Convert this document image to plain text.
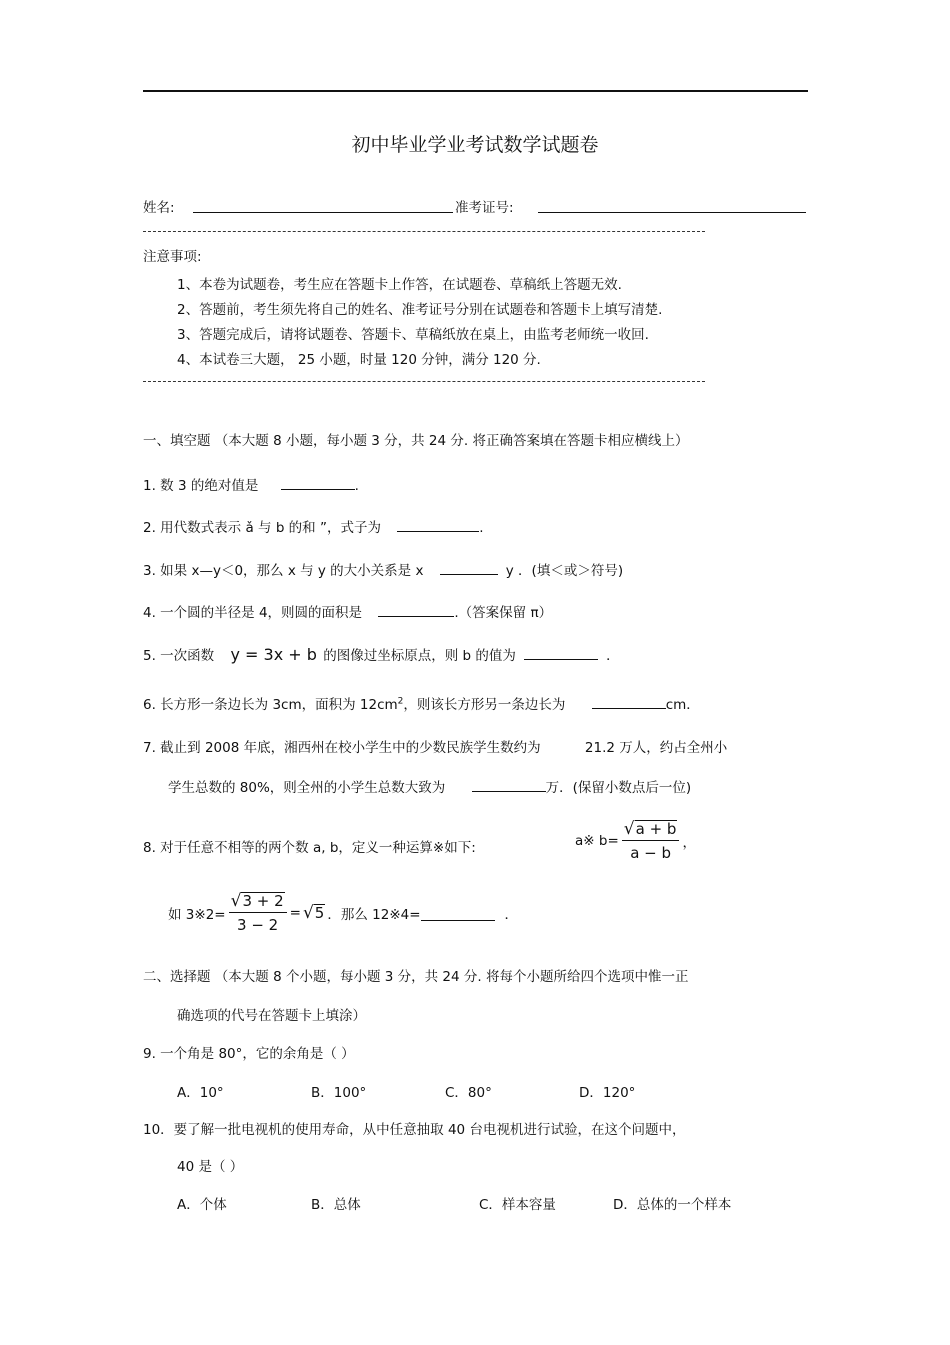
初中毕业学业考试数学试题卷
姓名:	准考证号:
注意事项:
1、本卷为试题卷，考生应在答题卡上作答，在试题卷、草稿纸上答题无效.
2、答题前，考生须先将自己的姓名、准考证号分别在试题卷和答题卡上填写清楚.
3、答题完成后，请将试题卷、答题卡、草稿纸放在桌上，由监考老师统一收回.
4、本试卷三大题， 25 小题，时量 120 分钟，满分 120 分.
一、填空题 （本大题 8 小题，每小题 3 分，共 24 分. 将正确答案填在答题卡相应横线上）
1. 数 3 的绝对值是	.
2. 用代数式表示 ǎ 与 b 的和 ”，式子为	.
3. 如果 x—y＜0，那么 x 与 y 的大小关系是 x	y ．(填＜或＞符号)
4. 一个圆的半径是 4，则圆的面积是	.（答案保留 π）
5. 一次函数 y = 3x + b 的图像过坐标原点，则 b 的值为	．
6. 长方形一条边长为 3cm，面积为 $12cm^2$，则该长方形另一条边长为	cm．
7. 截止到 2008 年底，湘西州在校小学生中的少数民族学生数约为	21.2 万人，约占全州小
学生总数的 80%，则全州的小学生总数大致为	万．(保留小数点后一位)
8. 对于任意不相等的两个数 a, b，定义一种运算※如下:	a※ $b= \frac{√ a + b}{a - b}$ ，
如 3※2= $\frac{√ 3 + 2}{3 - 2}$ = √ 5 ．那么 12※4=	．
二、选择题 （本大题 8 个小题，每小题 3 分，共 24 分. 将每个小题所给四个选项中惟一正
确选项的代号在答题卡上填涂）
9. 一个角是 80°，它的余角是（ ）
A．10°	B．100°	C．80°	D．120°
10．要了解一批电视机的使用寿命，从中任意抽取 40 台电视机进行试验，在这个问题中，
40 是（ ）
A．个体	B．总体	C．样本容量	D．总体的一个样本
